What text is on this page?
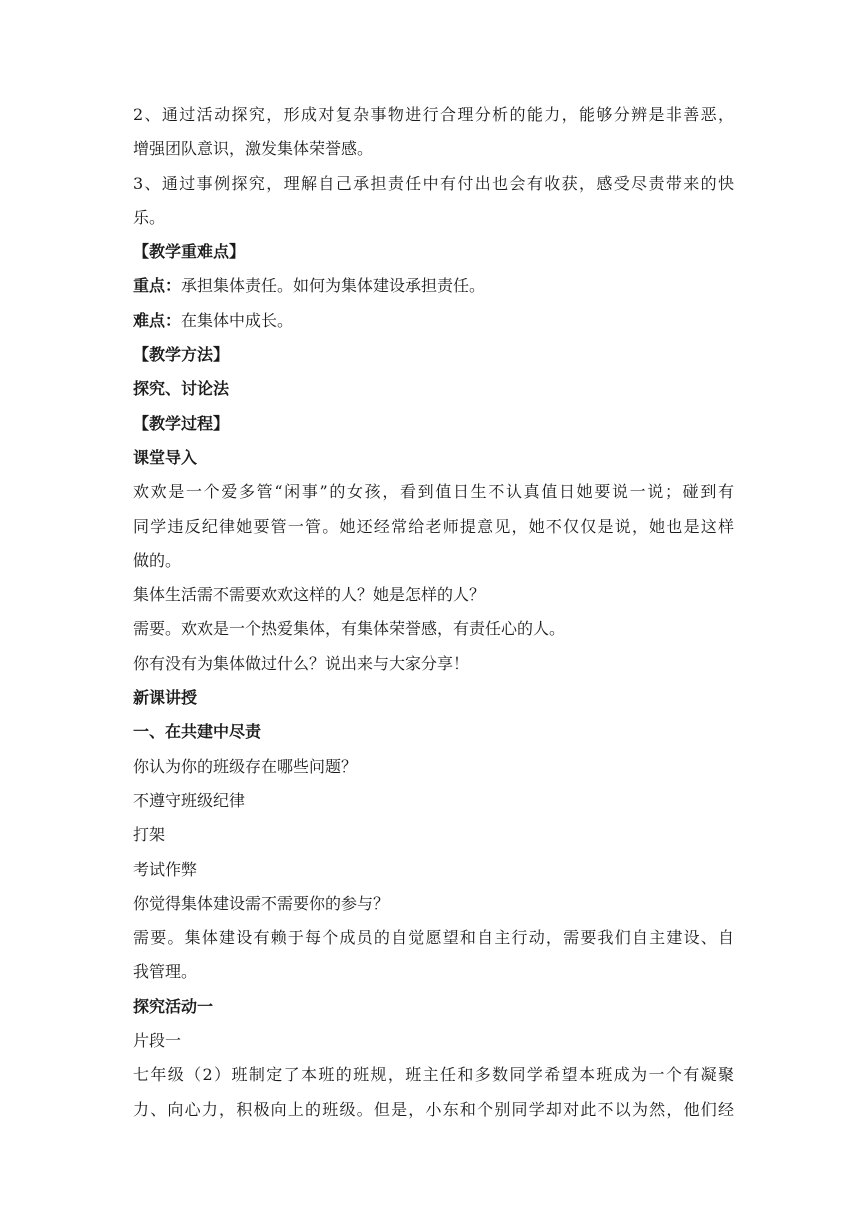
2、通过活动探究，形成对复杂事物进行合理分析的能力，能够分辨是非善恶，

增强团队意识，激发集体荣誉感。

3、通过事例探究，理解自己承担责任中有付出也会有收获，感受尽责带来的快

乐。

【教学重难点】

重点：承担集体责任。如何为集体建设承担责任。

难点：在集体中成长。

【教学方法】

探究、讨论法

【教学过程】

课堂导入

欢欢是一个爱多管“闲事”的女孩，看到值日生不认真值日她要说一说；碰到有

同学违反纪律她要管一管。她还经常给老师提意见，她不仅仅是说，她也是这样

做的。

集体生活需不需要欢欢这样的人？她是怎样的人？

需要。欢欢是一个热爱集体，有集体荣誉感，有责任心的人。

你有没有为集体做过什么？说出来与大家分享！

新课讲授

一、在共建中尽责

你认为你的班级存在哪些问题？

不遵守班级纪律

打架

考试作弊

你觉得集体建设需不需要你的参与？

需要。集体建设有赖于每个成员的自觉愿望和自主行动，需要我们自主建设、自

我管理。

探究活动一

片段一

七年级（2）班制定了本班的班规，班主任和多数同学希望本班成为一个有凝聚

力、向心力，积极向上的班级。但是，小东和个别同学却对此不以为然，他们经
